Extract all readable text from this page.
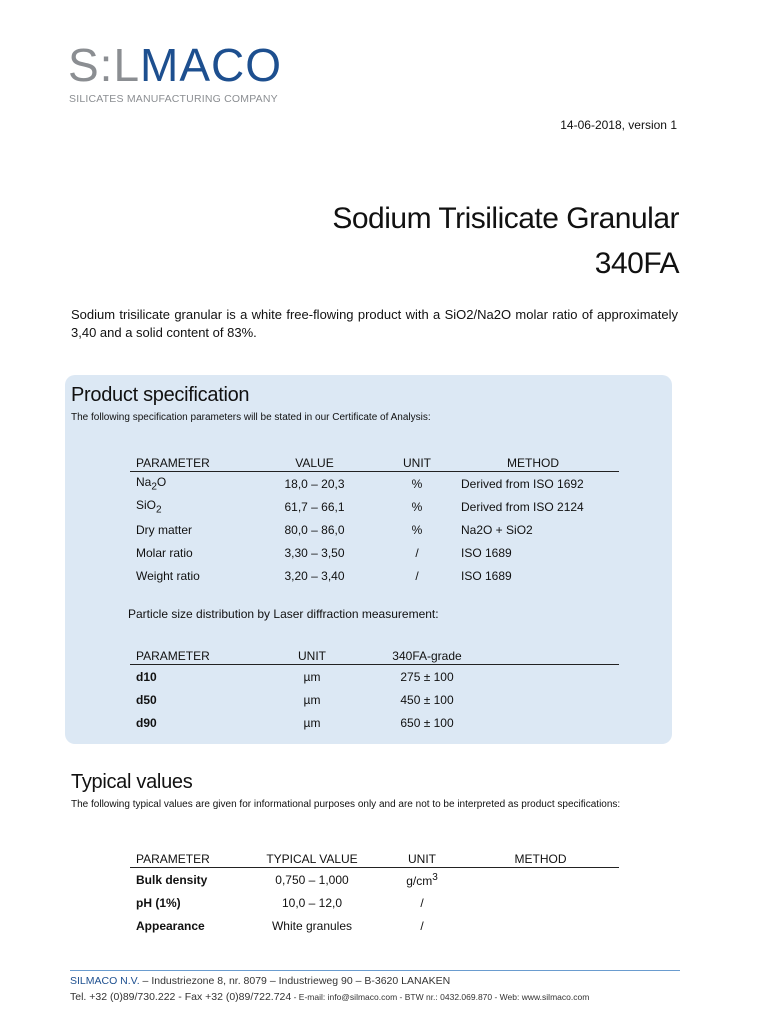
S:LMACO
SILICATES MANUFACTURING COMPANY
14-06-2018, version 1
Sodium Trisilicate Granular
340FA
Sodium trisilicate granular is a white free-flowing product with a SiO2/Na2O molar ratio of approximately 3,40 and a solid content of 83%.
Product specification
The following specification parameters will be stated in our Certificate of Analysis:
PARAMETER	VALUE	UNIT	METHOD
$Na_2O$	18,0 – 20,3	%	Derived from ISO 1692
SiO$_2$	61,7 – 66,1	%	Derived from ISO 2124
Dry matter	80,0 – 86,0	%	Na2O + SiO2
Molar ratio	3,30 – 3,50	/	ISO 1689
Weight ratio	3,20 – 3,40	/	ISO 1689
Particle size distribution by Laser diffraction measurement:
PARAMETER	UNIT	340FA-grade	
d10	µm	275 ± 100	
d50	µm	450 ± 100	
d90	µm	650 ± 100	
Typical values
The following typical values are given for informational purposes only and are not to be interpreted as product specifications:
PARAMETER	TYPICAL VALUE	UNIT	METHOD
Bulk density	0,750 – 1,000	$g/cm^3$	
pH (1%)	10,0 – 12,0	/	
Appearance	White granules	/	
SILMACO N.V. – Industriezone 8, nr. 8079 – Industrieweg 90 – B-3620 LANAKEN
Tel. +32 (0)89/730.222 - Fax +32 (0)89/722.724 - E-mail: info@silmaco.com - BTW nr.: 0432.069.870 - Web: www.silmaco.com
